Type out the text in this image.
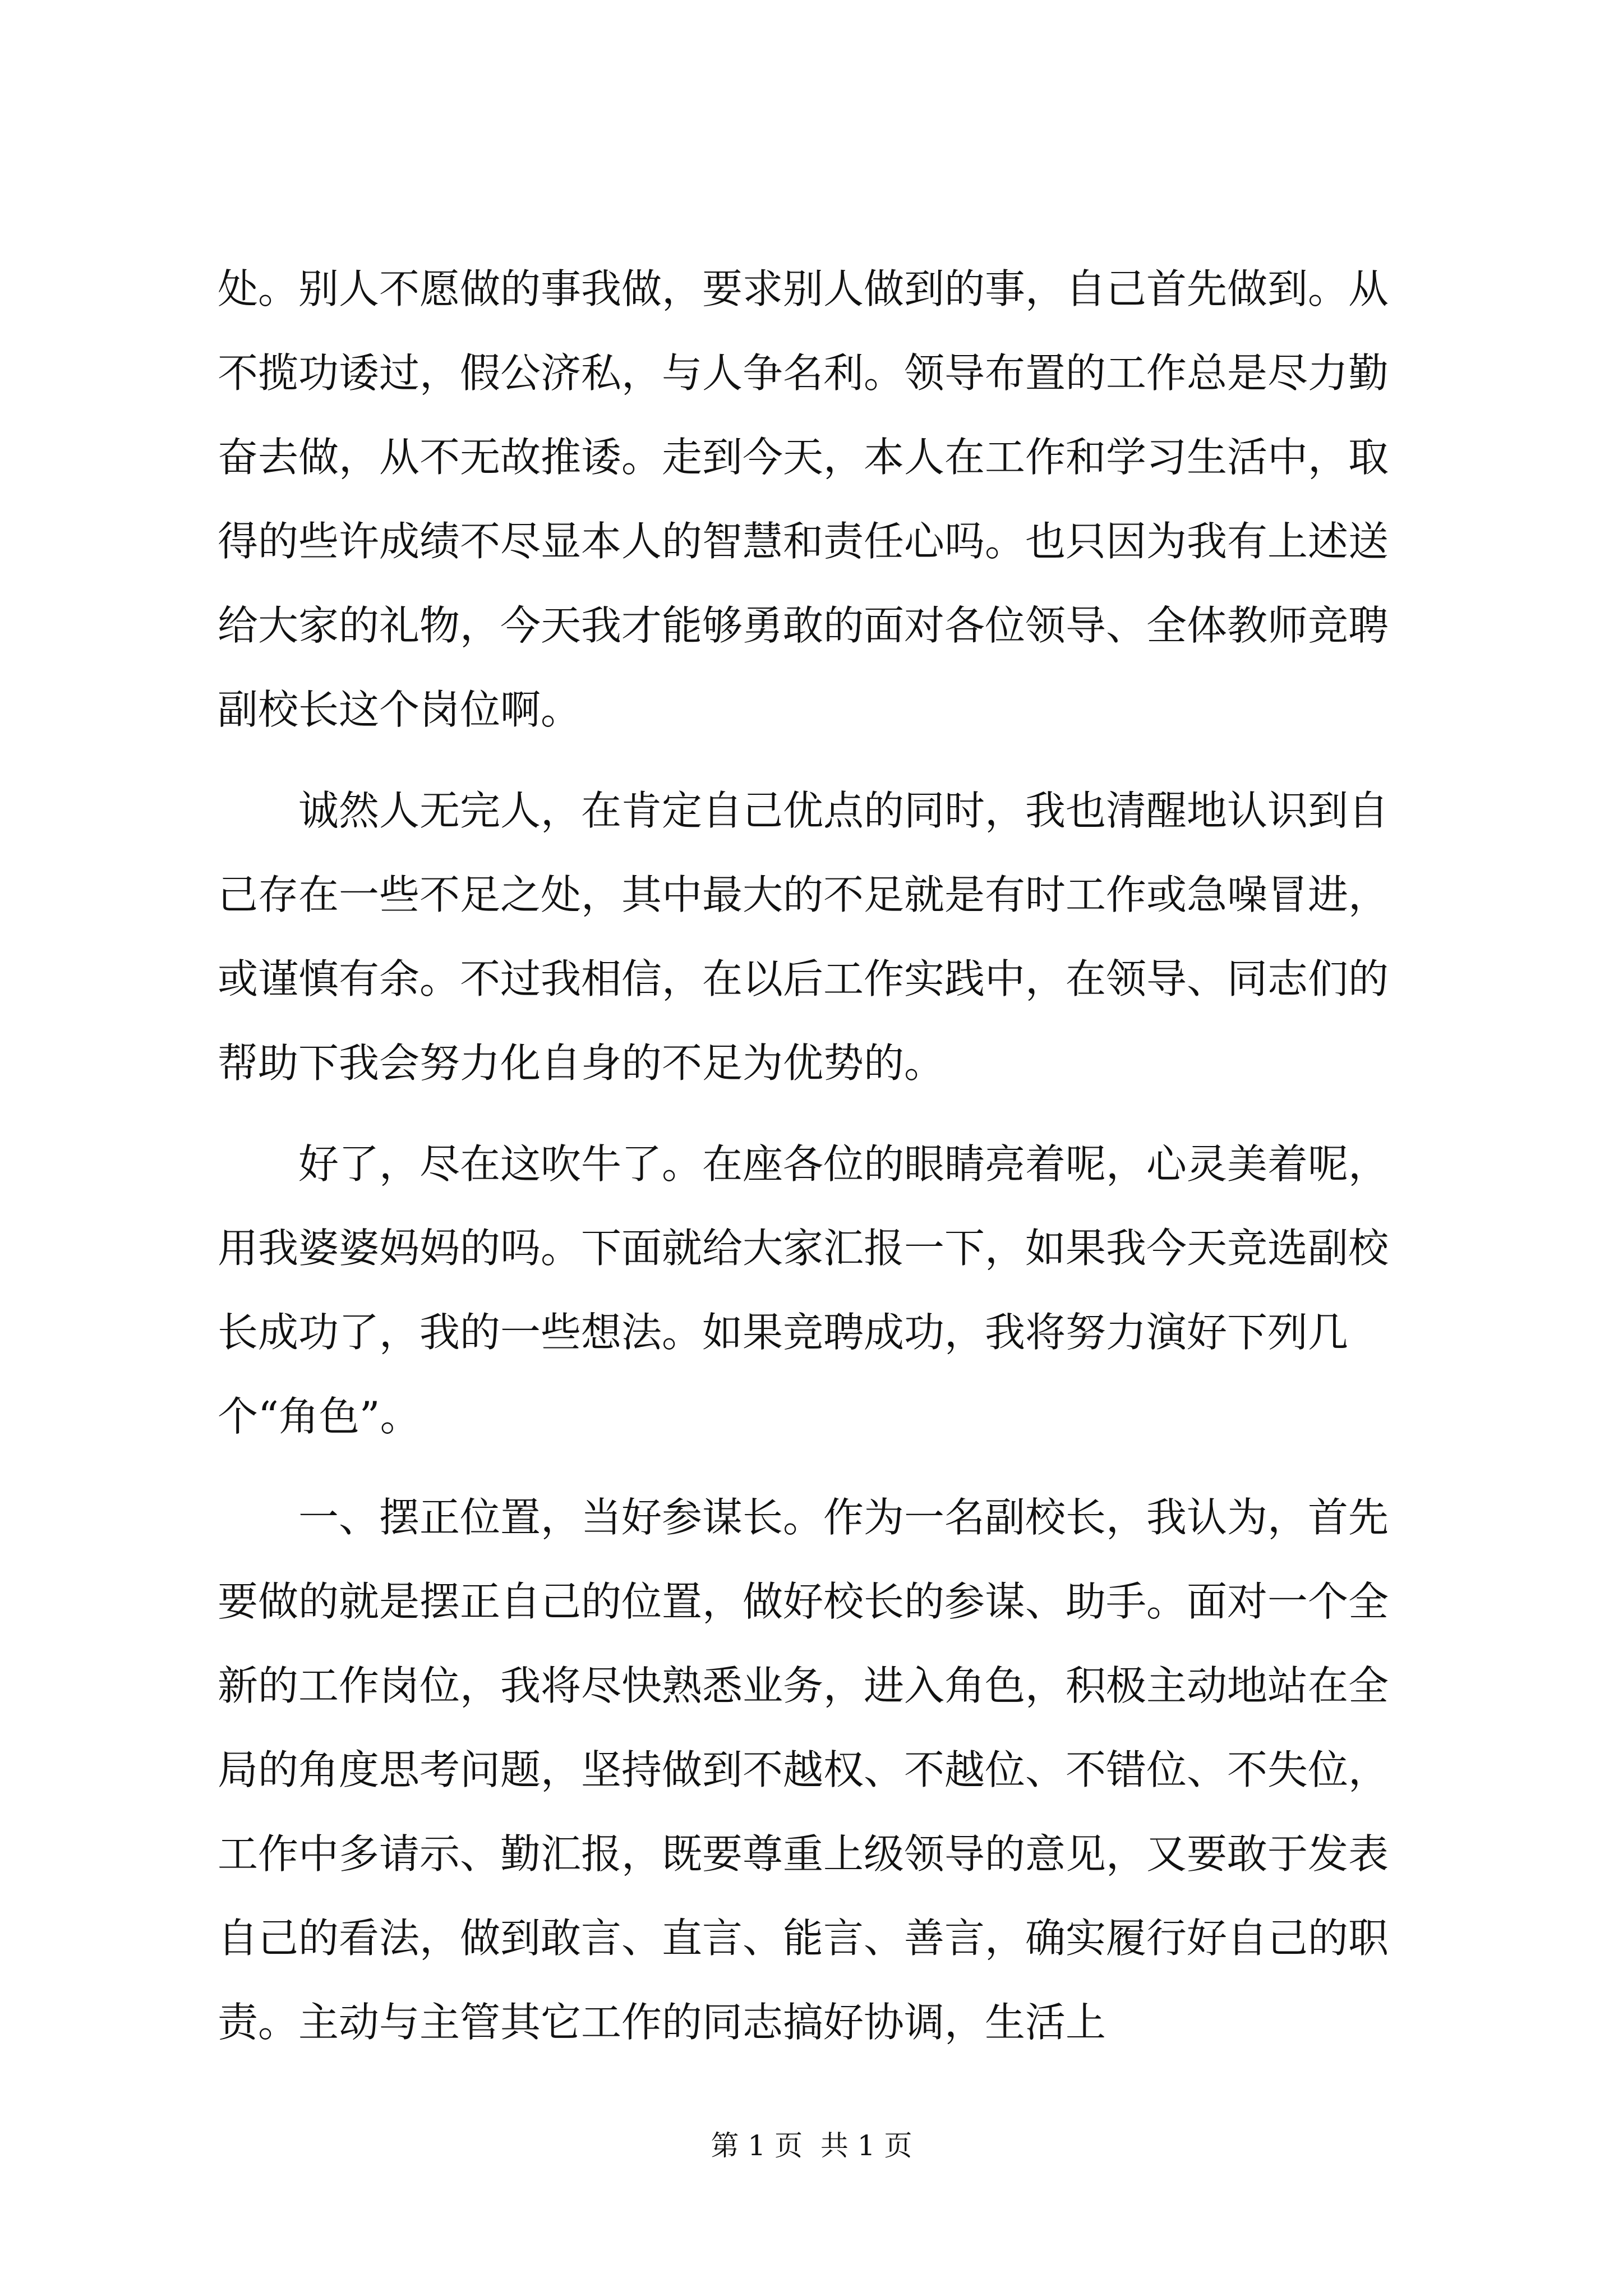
处。别人不愿做的事我做，要求别人做到的事，自己首先做到。从不揽功诿过，假公济私，与人争名利。领导布置的工作总是尽力勤奋去做，从不无故推诿。走到今天，本人在工作和学习生活中，取得的些许成绩不尽显本人的智慧和责任心吗。也只因为我有上述送给大家的礼物，今天我才能够勇敢的面对各位领导、全体教师竞聘副校长这个岗位啊。

　　诚然人无完人，在肯定自己优点的同时，我也清醒地认识到自己存在一些不足之处，其中最大的不足就是有时工作或急噪冒进，或谨慎有余。不过我相信，在以后工作实践中，在领导、同志们的帮助下我会努力化自身的不足为优势的。

　　好了，尽在这吹牛了。在座各位的眼睛亮着呢，心灵美着呢，用我婆婆妈妈的吗。下面就给大家汇报一下，如果我今天竞选副校长成功了，我的一些想法。如果竞聘成功，我将努力演好下列几个“角色”。

　　一、摆正位置，当好参谋长。作为一名副校长，我认为，首先要做的就是摆正自己的位置，做好校长的参谋、助手。面对一个全新的工作岗位，我将尽快熟悉业务，进入角色，积极主动地站在全局的角度思考问题，坚持做到不越权、不越位、不错位、不失位，工作中多请示、勤汇报，既要尊重上级领导的意见，又要敢于发表自己的看法，做到敢言、直言、能言、善言，确实履行好自己的职责。主动与主管其它工作的同志搞好协调，生活上

第 1 页  共 1 页
